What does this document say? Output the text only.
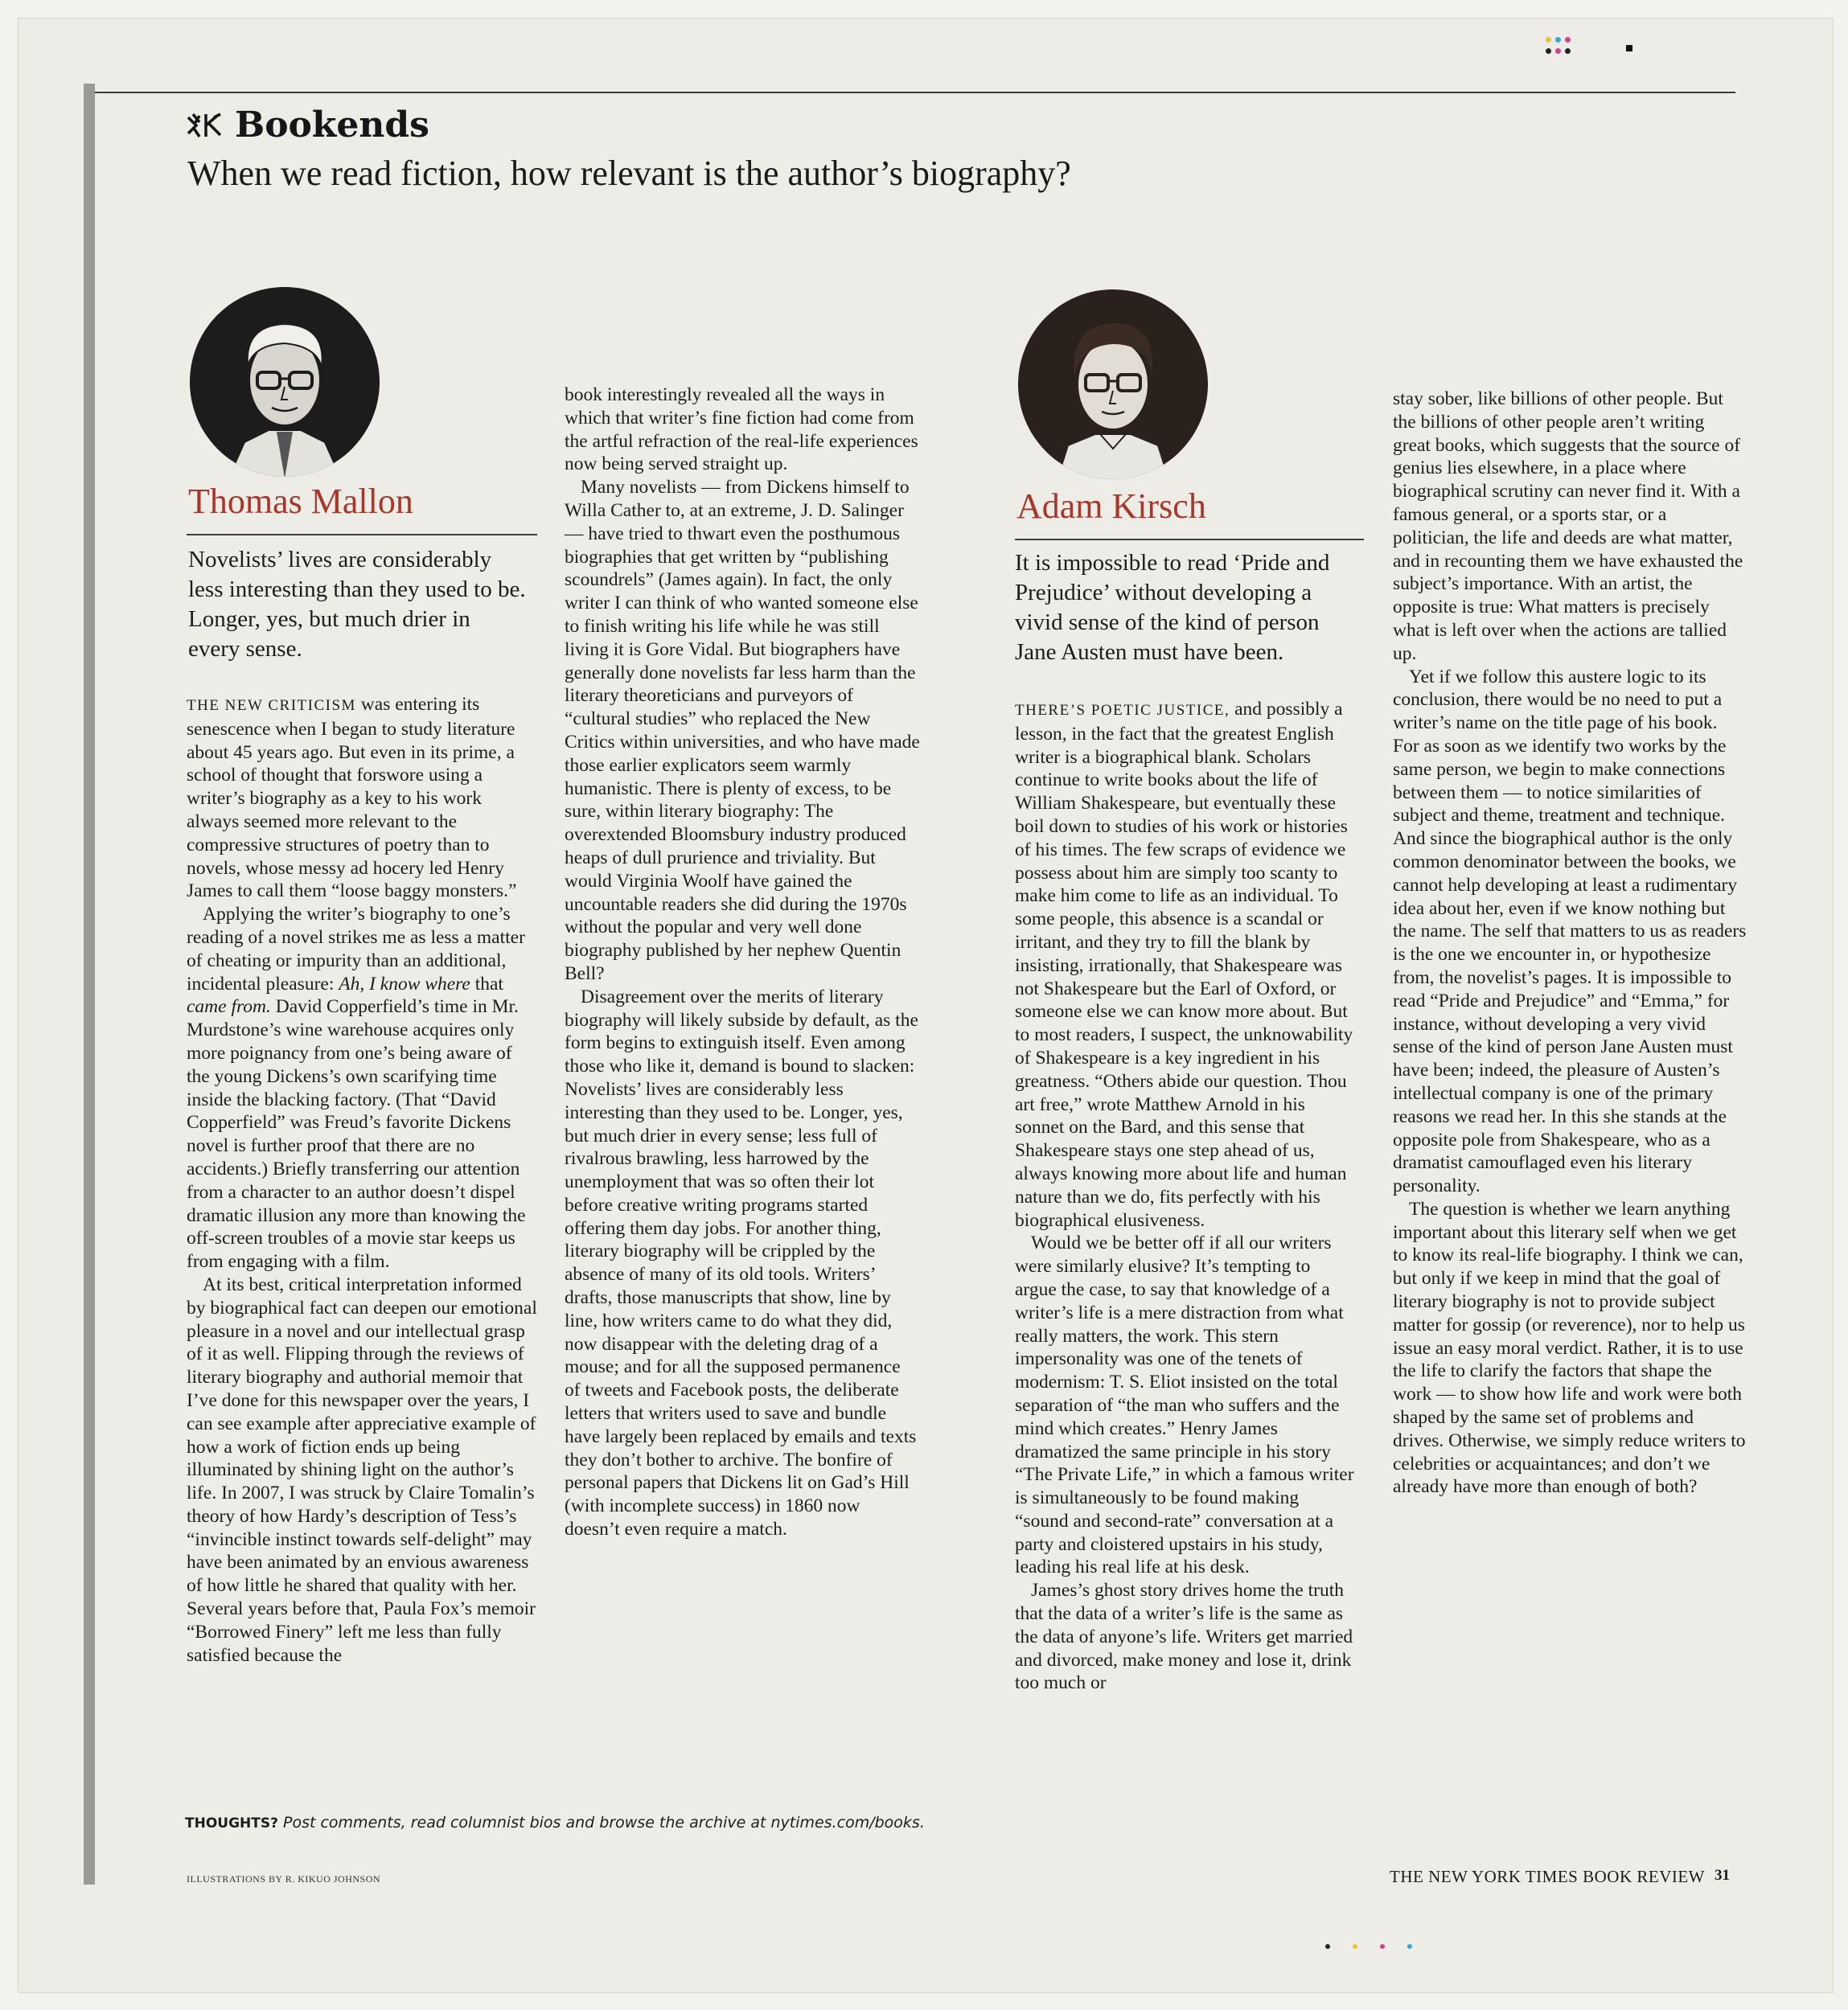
Bookends
When we read fiction, how relevant is the author’s biography?
Thomas Mallon
Novelists’ lives are considerably less interesting than they used to be. Longer, yes, but much drier in every sense.
Adam Kirsch
It is impossible to read ‘Pride and Prejudice’ without developing a vivid sense of the kind of person Jane Austen must have been.

THE NEW CRITICISM was entering its senescence when I began to study literature about 45 years ago. But even in its prime, a school of thought that forswore using a writer’s biography as a key to his work always seemed more relevant to the compressive structures of poetry than to novels, whose messy ad hocery led Henry James to call them “loose baggy monsters.”

Applying the writer’s biography to one’s reading of a novel strikes me as less a matter of cheating or impurity than an additional, incidental pleasure: Ah, I know where that came from. David Copperfield’s time in Mr. Murdstone’s wine warehouse acquires only more poignancy from one’s being aware of the young Dickens’s own scarifying time inside the blacking factory. (That “David Copperfield” was Freud’s favorite Dickens novel is further proof that there are no accidents.) Briefly transferring our attention from a character to an author doesn’t dispel dramatic illusion any more than knowing the off-screen troubles of a movie star keeps us from engaging with a film.

At its best, critical interpretation informed by biographical fact can deepen our emotional pleasure in a novel and our intellectual grasp of it as well. Flipping through the reviews of literary biography and authorial memoir that I’ve done for this newspaper over the years, I can see example after appreciative example of how a work of fiction ends up being illuminated by shining light on the author’s life. In 2007, I was struck by Claire Tomalin’s theory of how Hardy’s description of Tess’s “invincible instinct towards self-delight” may have been animated by an envious awareness of how little he shared that quality with her. Several years before that, Paula Fox’s memoir “Borrowed Finery” left me less than fully satisfied because the

book interestingly revealed all the ways in which that writer’s fine fiction had come from the artful refraction of the real-life experiences now being served straight up.

Many novelists — from Dickens himself to Willa Cather to, at an extreme, J. D. Salinger — have tried to thwart even the posthumous biographies that get written by “publishing scoundrels” (James again). In fact, the only writer I can think of who wanted someone else to finish writing his life while he was still living it is Gore Vidal. But biographers have generally done novelists far less harm than the literary theoreticians and purveyors of “cultural studies” who replaced the New Critics within universities, and who have made those earlier explicators seem warmly humanistic. There is plenty of excess, to be sure, within literary biography: The overextended Bloomsbury industry produced heaps of dull prurience and triviality. But would Virginia Woolf have gained the uncountable readers she did during the 1970s without the popular and very well done biography published by her nephew Quentin Bell?

Disagreement over the merits of literary biography will likely subside by default, as the form begins to extinguish itself. Even among those who like it, demand is bound to slacken: Novelists’ lives are considerably less interesting than they used to be. Longer, yes, but much drier in every sense; less full of rivalrous brawling, less harrowed by the unemployment that was so often their lot before creative writing programs started offering them day jobs. For another thing, literary biography will be crippled by the absence of many of its old tools. Writers’ drafts, those manuscripts that show, line by line, how writers came to do what they did, now disappear with the deleting drag of a mouse; and for all the supposed permanence of tweets and Facebook posts, the deliberate letters that writers used to save and bundle have largely been replaced by emails and texts they don’t bother to archive. The bonfire of personal papers that Dickens lit on Gad’s Hill (with incomplete success) in 1860 now doesn’t even require a match.

THERE’S POETIC JUSTICE, and possibly a lesson, in the fact that the greatest English writer is a biographical blank. Scholars continue to write books about the life of William Shakespeare, but eventually these boil down to studies of his work or histories of his times. The few scraps of evidence we possess about him are simply too scanty to make him come to life as an individual. To some people, this absence is a scandal or irritant, and they try to fill the blank by insisting, irrationally, that Shakespeare was not Shakespeare but the Earl of Oxford, or someone else we can know more about. But to most readers, I suspect, the unknowability of Shakespeare is a key ingredient in his greatness. “Others abide our question. Thou art free,” wrote Matthew Arnold in his sonnet on the Bard, and this sense that Shakespeare stays one step ahead of us, always knowing more about life and human nature than we do, fits perfectly with his biographical elusiveness.

Would we be better off if all our writers were similarly elusive? It’s tempting to argue the case, to say that knowledge of a writer’s life is a mere distraction from what really matters, the work. This stern impersonality was one of the tenets of modernism: T. S. Eliot insisted on the total separation of “the man who suffers and the mind which creates.” Henry James dramatized the same principle in his story “The Private Life,” in which a famous writer is simultaneously to be found making “sound and second-rate” conversation at a party and cloistered upstairs in his study, leading his real life at his desk.

James’s ghost story drives home the truth that the data of a writer’s life is the same as the data of anyone’s life. Writers get married and divorced, make money and lose it, drink too much or

stay sober, like billions of other people. But the billions of other people aren’t writing great books, which suggests that the source of genius lies elsewhere, in a place where biographical scrutiny can never find it. With a famous general, or a sports star, or a politician, the life and deeds are what matter, and in recounting them we have exhausted the subject’s importance. With an artist, the opposite is true: What matters is precisely what is left over when the actions are tallied up.

Yet if we follow this austere logic to its conclusion, there would be no need to put a writer’s name on the title page of his book. For as soon as we identify two works by the same person, we begin to make connections between them — to notice similarities of subject and theme, treatment and technique. And since the biographical author is the only common denominator between the books, we cannot help developing at least a rudimentary idea about her, even if we know nothing but the name. The self that matters to us as readers is the one we encounter in, or hypothesize from, the novelist’s pages. It is impossible to read “Pride and Prejudice” and “Emma,” for instance, without developing a very vivid sense of the kind of person Jane Austen must have been; indeed, the pleasure of Austen’s intellectual company is one of the primary reasons we read her. In this she stands at the opposite pole from Shakespeare, who as a dramatist camouflaged even his literary personality.

The question is whether we learn anything important about this literary self when we get to know its real-life biography. I think we can, but only if we keep in mind that the goal of literary biography is not to provide subject matter for gossip (or reverence), nor to help us issue an easy moral verdict. Rather, it is to use the life to clarify the factors that shape the work — to show how life and work were both shaped by the same set of problems and drives. Otherwise, we simply reduce writers to celebrities or acquaintances; and don’t we already have more than enough of both?

THOUGHTS? Post comments, read columnist bios and browse the archive at nytimes.com/books.
ILLUSTRATIONS BY R. KIKUO JOHNSON	THE NEW YORK TIMES BOOK REVIEW 31
